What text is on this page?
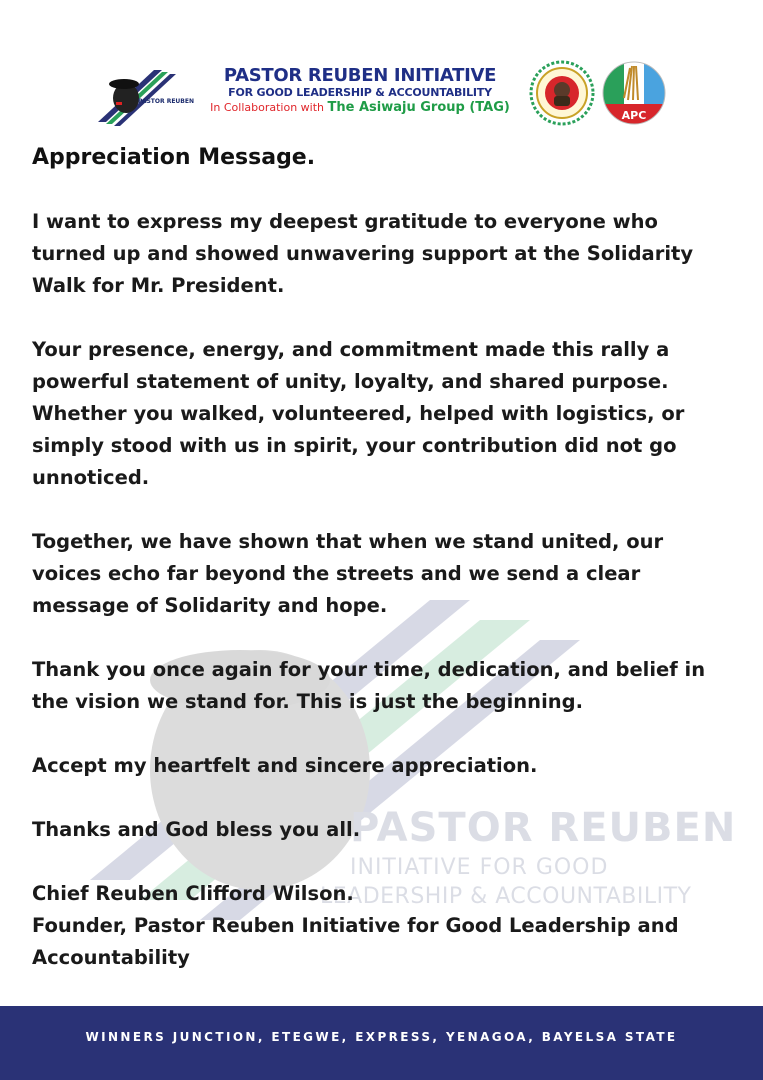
PASTOR REUBEN
INITIATIVE FOR GOOD
LEADERSHIP & ACCOUNTABILITY
PASTOR REUBEN
PASTOR REUBEN INITIATIVE
FOR GOOD LEADERSHIP & ACCOUNTABILITY
In Collaboration with The Asiwaju Group (TAG)
APC

Appreciation Message.

I want to express my deepest gratitude to everyone who turned up and showed unwavering support at the Solidarity Walk for Mr. President.

Your presence, energy, and commitment made this rally a powerful statement of unity, loyalty, and shared purpose. Whether you walked, volunteered, helped with logistics, or simply stood with us in spirit, your contribution did not go unnoticed.

Together, we have shown that when we stand united, our voices echo far beyond the streets and we send a clear message of Solidarity and hope.

Thank you once again for your time, dedication, and belief in the vision we stand for. This is just the beginning.

Accept my heartfelt and sincere appreciation.

Thanks and God bless you all.

Chief Reuben Clifford Wilson.

Founder, Pastor Reuben Initiative for Good Leadership and Accountability

WINNERS JUNCTION, ETEGWE, EXPRESS, YENAGOA, BAYELSA STATE
